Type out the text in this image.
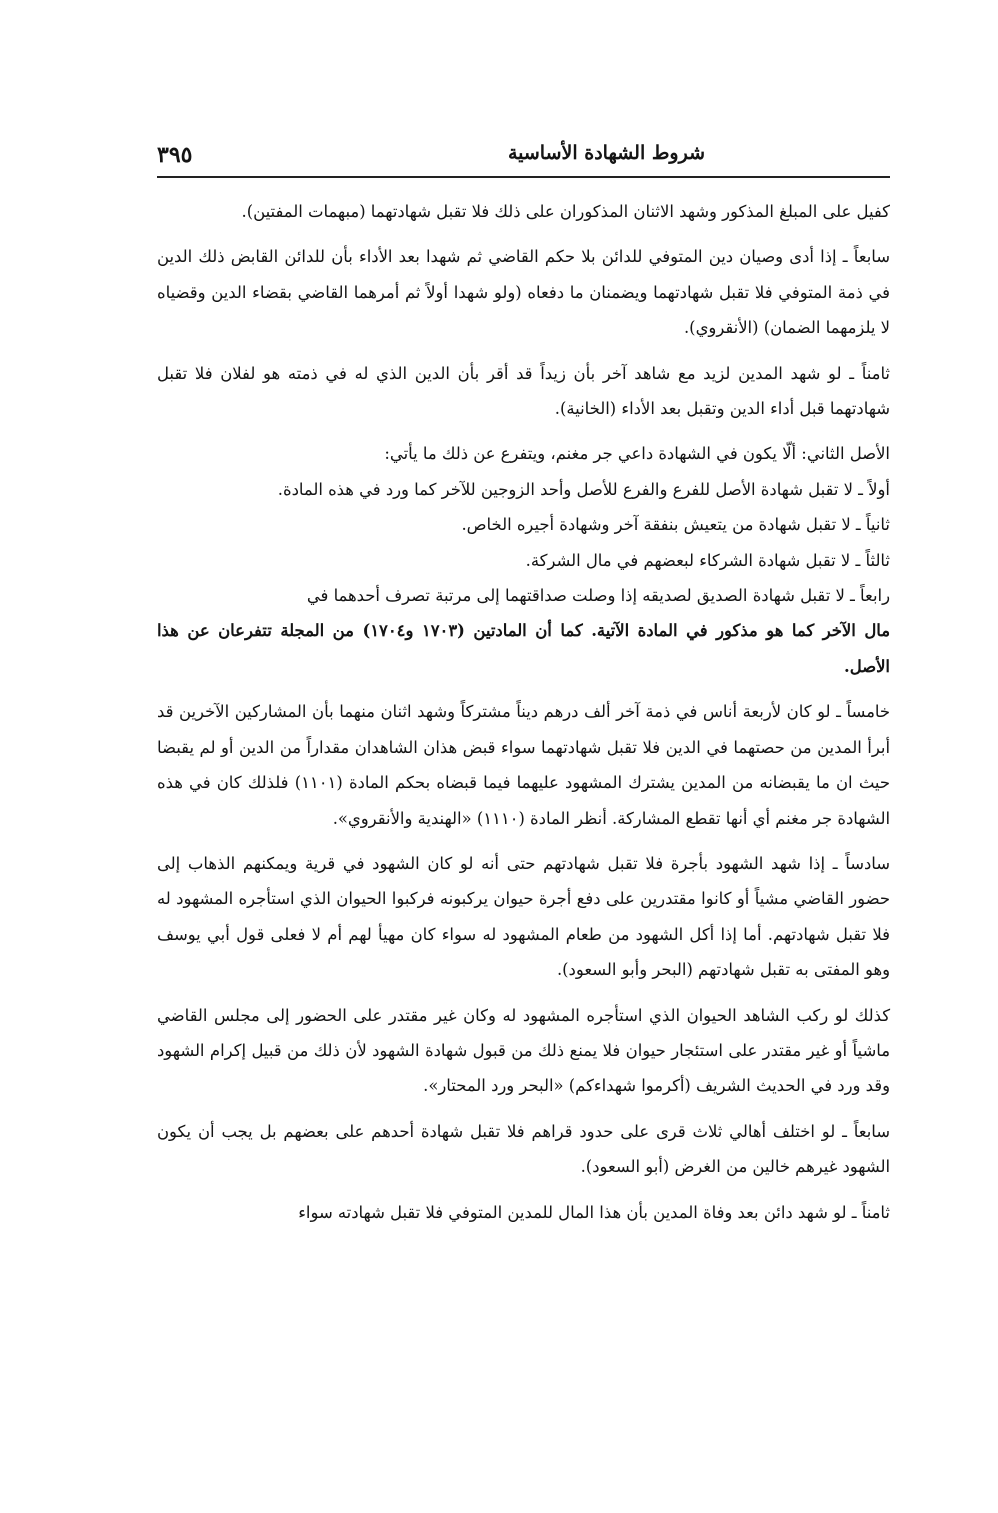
شروط الشهادة الأساسية
٣٩٥

كفيل على المبلغ المذكور وشهد الاثنان المذكوران على ذلك فلا تقبل شهادتهما (مبهمات المفتين).

سابعاً ـ إذا أدى وصيان دين المتوفي للدائن بلا حكم القاضي ثم شهدا بعد الأداء بأن للدائن القابض ذلك الدين في ذمة المتوفي فلا تقبل شهادتهما ويضمنان ما دفعاه (ولو شهدا أولاً ثم أمرهما القاضي بقضاء الدين وقضياه لا يلزمهما الضمان) (الأنقروي).

ثامناً ـ لو شهد المدين لزيد مع شاهد آخر بأن زيداً قد أقر بأن الدين الذي له في ذمته هو لفلان فلا تقبل شهادتهما قبل أداء الدين وتقبل بعد الأداء (الخانية).

الأصل الثاني: ألّا يكون في الشهادة داعي جر مغنم، ويتفرع عن ذلك ما يأتي:

أولاً ـ لا تقبل شهادة الأصل للفرع والفرع للأصل وأحد الزوجين للآخر كما ورد في هذه المادة.

ثانياً ـ لا تقبل شهادة من يتعيش بنفقة آخر وشهادة أجيره الخاص.

ثالثاً ـ لا تقبل شهادة الشركاء لبعضهم في مال الشركة.

رابعاً ـ لا تقبل شهادة الصديق لصديقه إذا وصلت صداقتهما إلى مرتبة تصرف أحدهما في

مال الآخر كما هو مذكور في المادة الآتية. كما أن المادتين (١٧٠٣ و١٧٠٤) من المجلة تتفرعان عن هذا الأصل.

خامساً ـ لو كان لأربعة أناس في ذمة آخر ألف درهم ديناً مشتركاً وشهد اثنان منهما بأن المشاركين الآخرين قد أبرأ المدين من حصتهما في الدين فلا تقبل شهادتهما سواء قبض هذان الشاهدان مقداراً من الدين أو لم يقبضا حيث ان ما يقبضانه من المدين يشترك المشهود عليهما فيما قبضاه بحكم المادة (١١٠١) فلذلك كان في هذه الشهادة جر مغنم أي أنها تقطع المشاركة. أنظر المادة (١١١٠) «الهندية والأنقروي».

سادساً ـ إذا شهد الشهود بأجرة فلا تقبل شهادتهم حتى أنه لو كان الشهود في قرية ويمكنهم الذهاب إلى حضور القاضي مشياً أو كانوا مقتدرين على دفع أجرة حيوان يركبونه فركبوا الحيوان الذي استأجره المشهود له فلا تقبل شهادتهم. أما إذا أكل الشهود من طعام المشهود له سواء كان مهيأ لهم أم لا فعلى قول أبي يوسف وهو المفتى به تقبل شهادتهم (البحر وأبو السعود).

كذلك لو ركب الشاهد الحيوان الذي استأجره المشهود له وكان غير مقتدر على الحضور إلى مجلس القاضي ماشياً أو غير مقتدر على استئجار حيوان فلا يمنع ذلك من قبول شهادة الشهود لأن ذلك من قبيل إكرام الشهود وقد ورد في الحديث الشريف (أكرموا شهداءكم) «البحر ورد المحتار».

سابعاً ـ لو اختلف أهالي ثلاث قرى على حدود قراهم فلا تقبل شهادة أحدهم على بعضهم بل يجب أن يكون الشهود غيرهم خالين من الغرض (أبو السعود).

ثامناً ـ لو شهد دائن بعد وفاة المدين بأن هذا المال للمدين المتوفي فلا تقبل شهادته سواء
